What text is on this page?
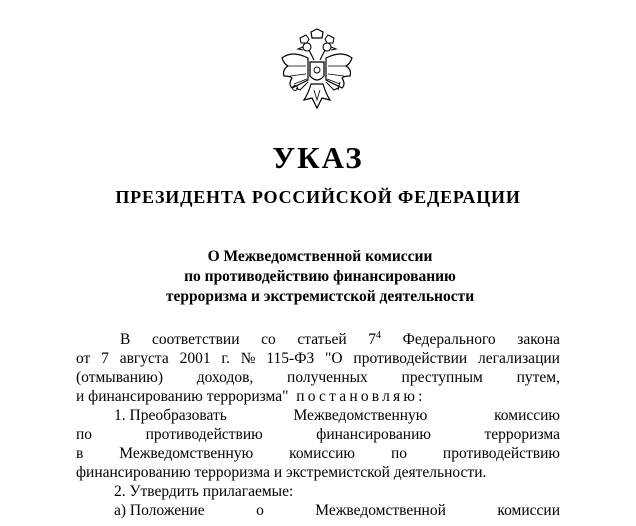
УКАЗ
ПРЕЗИДЕНТА РОССИЙСКОЙ ФЕДЕРАЦИИ
О Межведомственной комиссии
по противодействию финансированию
терроризма и экстремистской деятельности
В соответствии со статьей $7^4$ Федерального закона
от 7 августа 2001 г. № 115-ФЗ "О противодействии легализации
(отмыванию) доходов, полученных преступным путем,
и финансированию терроризма"
постановляю:
1. Преобразовать	Межведомственную	комиссию
по	противодействию	финансированию	терроризма
в Межведомственную комиссию по противодействию
финансированию терроризма и экстремистской деятельности.
2. Утвердить прилагаемые:
а) Положение	о	Межведомственной	комиссии
